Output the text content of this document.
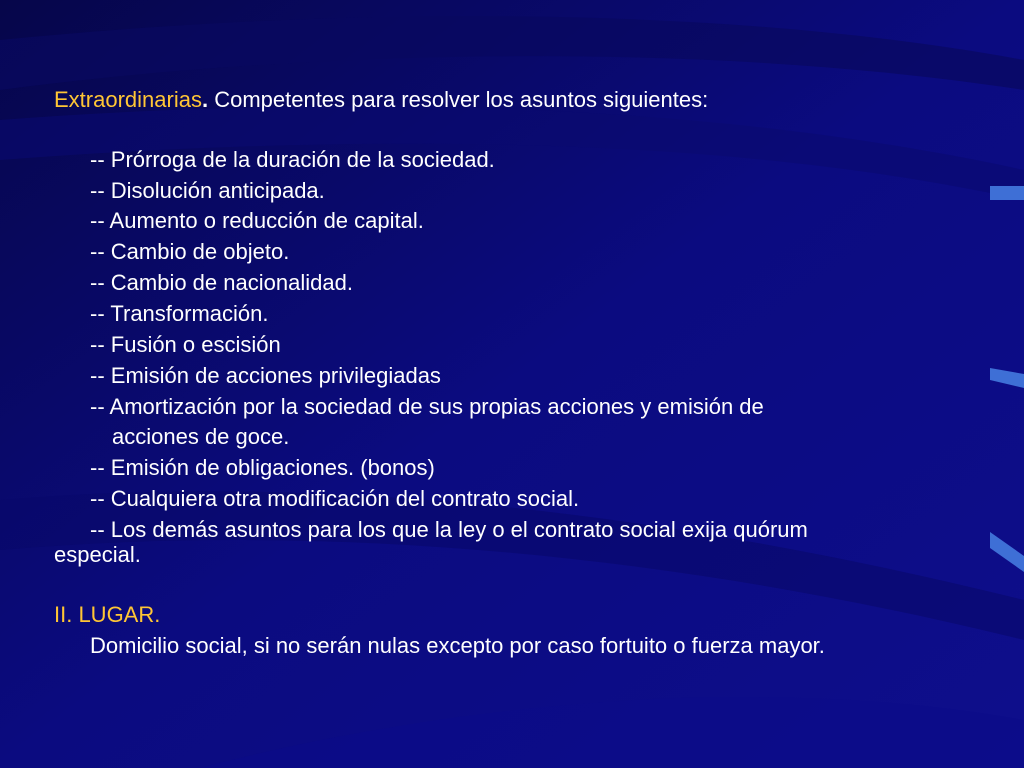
Extraordinarias. Competentes para resolver los asuntos siguientes:

-- Prórroga de la duración de la sociedad.

-- Disolución anticipada.

-- Aumento o reducción de capital.

-- Cambio de objeto.

-- Cambio de nacionalidad.

-- Transformación.

-- Fusión o escisión

-- Emisión de acciones privilegiadas

-- Amortización por la sociedad de sus propias acciones y emisión de

acciones de goce.

-- Emisión de obligaciones. (bonos)

-- Cualquiera otra modificación del contrato social.

-- Los demás asuntos para los que la ley o el contrato social exija quórum

especial.

II. LUGAR.

Domicilio social, si no serán nulas excepto por caso fortuito o fuerza mayor.
